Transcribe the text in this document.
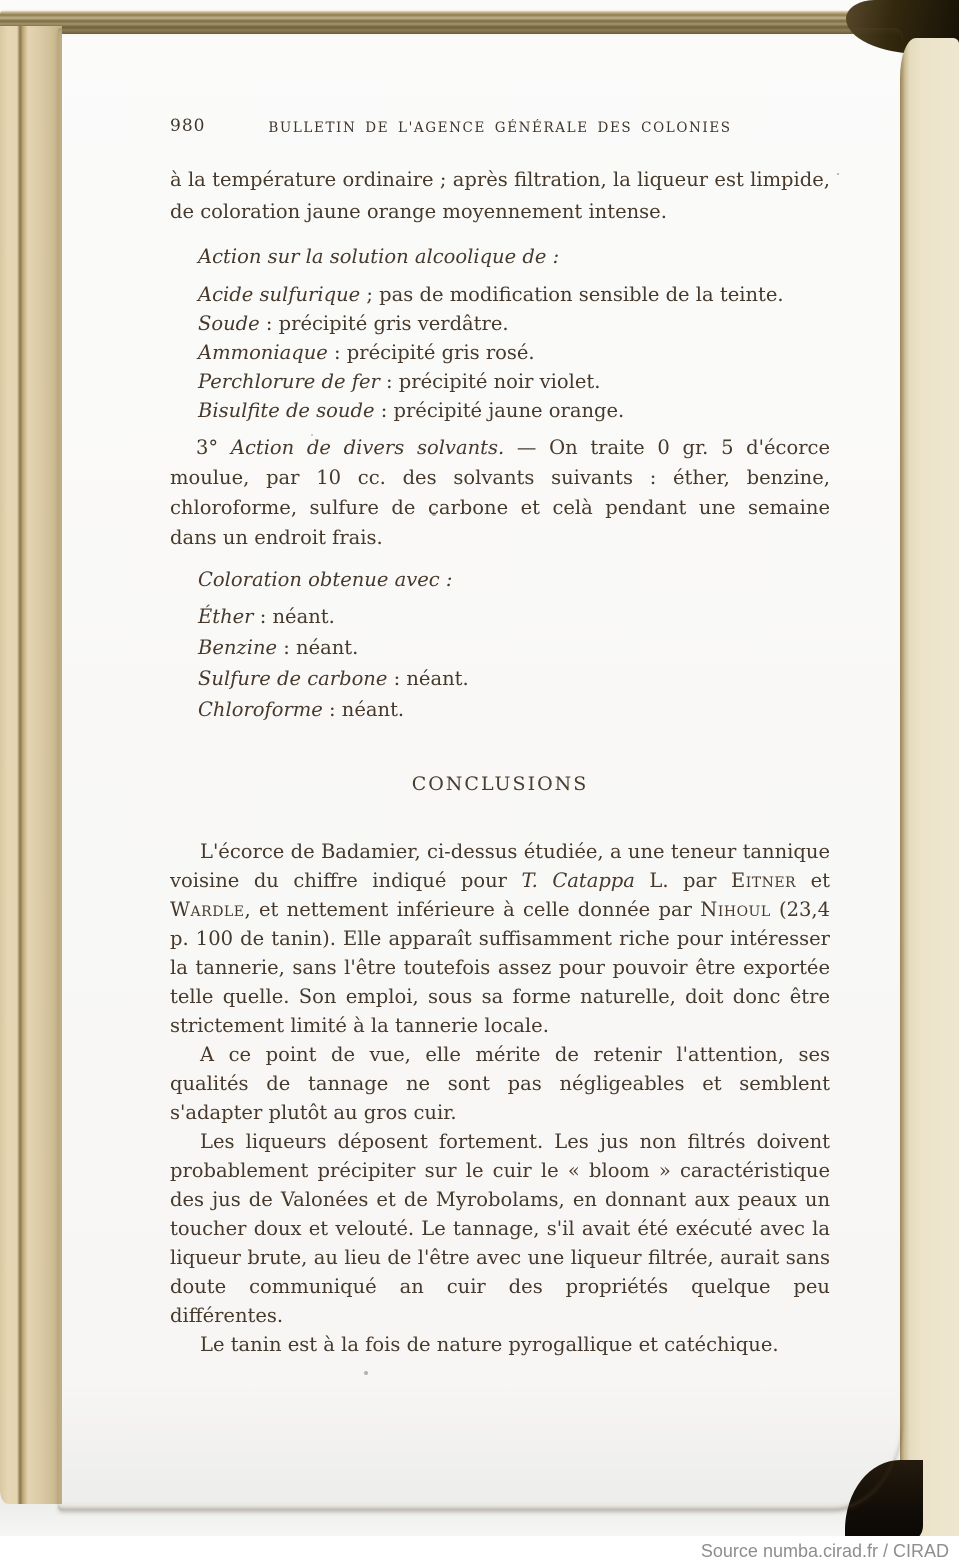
980	BULLETIN DE L'AGENCE GÉNÉRALE DES COLONIES

à la température ordinaire ; après filtration, la liqueur est limpide, de coloration jaune orange moyennement intense.

Action sur la solution alcoolique de :
Acide sulfurique ; pas de modification sensible de la teinte.
Soude : précipité gris verdâtre.
Ammoniaque : précipité gris rosé.
Perchlorure de fer : précipité noir violet.
Bisulfite de soude : précipité jaune orange.

3° Action de divers solvants. — On traite 0 gr. 5 d'écorce moulue, par 10 cc. des solvants suivants : éther, benzine, chloroforme, sulfure de carbone et celà pendant une semaine dans un endroit frais.

Coloration obtenue avec :
Éther : néant.
Benzine : néant.
Sulfure de carbone : néant.
Chloroforme : néant.
CONCLUSIONS

L'écorce de Badamier, ci-dessus étudiée, a une teneur tannique voisine du chiffre indiqué pour T. Catappa L. par Eitner et Wardle, et nettement inférieure à celle donnée par Nihoul (23,4 p. 100 de tanin). Elle apparaît suffisamment riche pour intéresser la tannerie, sans l'être toutefois assez pour pouvoir être exportée telle quelle. Son emploi, sous sa forme naturelle, doit donc être strictement limité à la tannerie locale.

A ce point de vue, elle mérite de retenir l'attention, ses qualités de tannage ne sont pas négligeables et semblent s'adapter plutôt au gros cuir.

Les liqueurs déposent fortement. Les jus non filtrés doivent probablement précipiter sur le cuir le « bloom » caractéristique des jus de Valonées et de Myrobolams, en donnant aux peaux un toucher doux et velouté. Le tannage, s'il avait été exécuté avec la liqueur brute, au lieu de l'être avec une liqueur filtrée, aurait sans doute communiqué an cuir des propriétés quelque peu différentes.

Le tanin est à la fois de nature pyrogallique et catéchique.

Source numba.cirad.fr / CIRAD
